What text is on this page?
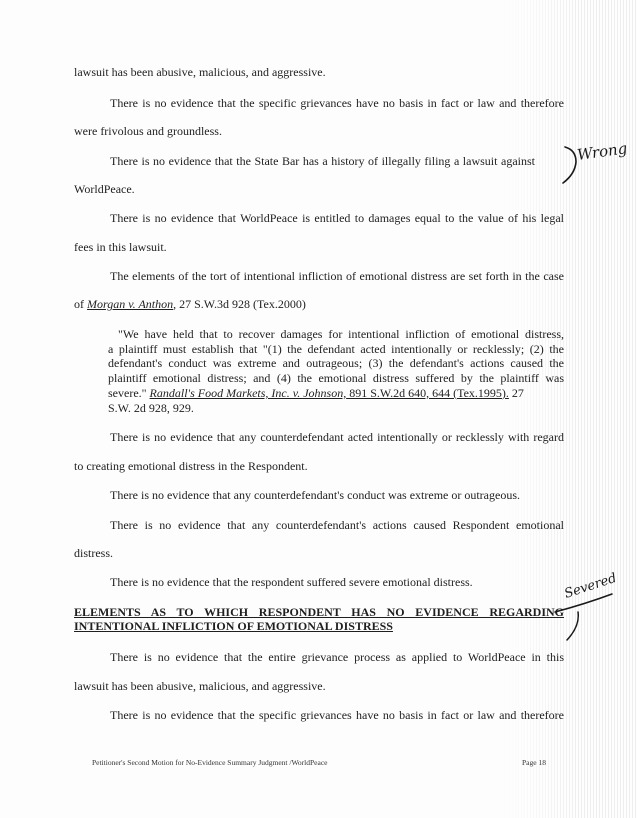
lawsuit has been abusive, malicious, and aggressive.

There is no evidence that the specific grievances have no basis in fact or law and therefore

were frivolous and groundless.

There is no evidence that the State Bar has a history of illegally filing a lawsuit against

WorldPeace.

There is no evidence that WorldPeace is entitled to damages equal to the value of his legal

fees in this lawsuit.

The elements of the tort of intentional infliction of emotional distress are set forth in the case

of Morgan v. Anthon, 27 S.W.3d 928 (Tex.2000)

"We have held that to recover damages for intentional infliction of emotional distress,
a plaintiff must establish that "(1) the defendant acted intentionally or recklessly; (2) the
defendant's conduct was extreme and outrageous; (3) the defendant's actions caused the
plaintiff emotional distress; and (4) the emotional distress suffered by the plaintiff was
severe." Randall's Food Markets, Inc. v. Johnson, 891 S.W.2d 640, 644 (Tex.1995). 27
S.W. 2d 928, 929.

There is no evidence that any counterdefendant acted intentionally or recklessly with regard

to creating emotional distress in the Respondent.

There is no evidence that any counterdefendant's conduct was extreme or outrageous.

There is no evidence that any counterdefendant's actions caused Respondent emotional

distress.

There is no evidence that the respondent suffered severe emotional distress.

ELEMENTS AS TO WHICH RESPONDENT HAS NO EVIDENCE REGARDING

INTENTIONAL INFLICTION OF EMOTIONAL DISTRESS

There is no evidence that the entire grievance process as applied to WorldPeace in this

lawsuit has been abusive, malicious, and aggressive.

There is no evidence that the specific grievances have no basis in fact or law and therefore

Petitioner's Second Motion for No-Evidence Summary Judgment /WorldPeace	Page 18
Wrong
Severed
